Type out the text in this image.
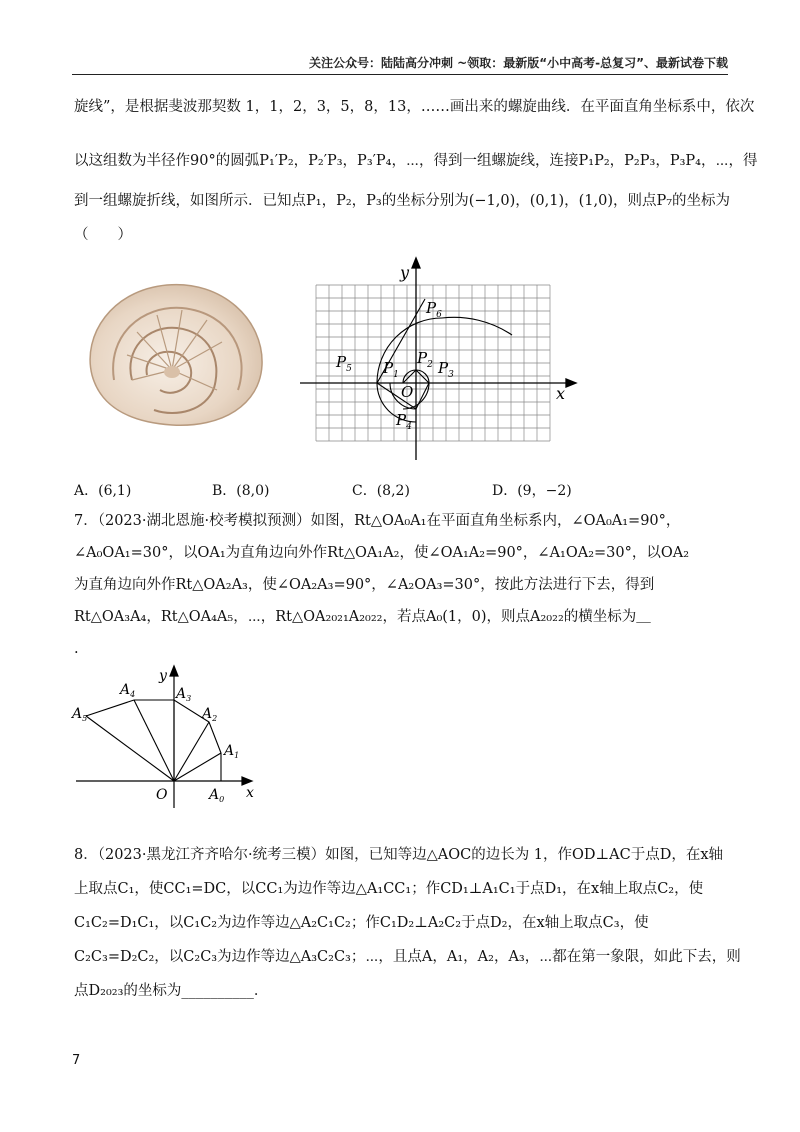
关注公众号：陆陆高分冲刺 ~领取：最新版“小中高考-总复习”、最新试卷下载
旋线”，是根据斐波那契数 1，1，2，3，5，8，13，……画出来的螺旋曲线．在平面直角坐标系中，依次
以这组数为半径作90°的圆弧P₁′P₂，P₂′P₃，P₃′P₄，⋯，得到一组螺旋线，连接P₁P₂，P₂P₃，P₃P₄，⋯，得
到一组螺旋折线，如图所示．已知点P₁，P₂，P₃的坐标分别为(−1,0)，(0,1)，(1,0)，则点P₇的坐标为
（　　）
y
x
O
$P_1$
$P_2$ $P_3$
$P_4$
$P_5$
$P_6$
A．(6,1)	B．(8,0)	C．(8,2)	D．(9，−2)
7．（2023·湖北恩施·校考模拟预测）如图，Rt△OA₀A₁在平面直角坐标系内，∠OA₀A₁=90°，
∠A₀OA₁=30°，以OA₁为直角边向外作Rt△OA₁A₂，使∠OA₁A₂=90°，∠A₁OA₂=30°，以OA₂
为直角边向外作Rt△OA₂A₃，使∠OA₂A₃=90°，∠A₂OA₃=30°，按此方法进行下去，得到
Rt△OA₃A₄，Rt△OA₄A₅，⋯，Rt△OA₂₀₂₁A₂₀₂₂，若点A₀(1，0)，则点A₂₀₂₂的横坐标为＿
.
y
x
O	$A_0$
$A_1$
$A_2$
$A_3$
$A_4$
$A_5$
8．（2023·黑龙江齐齐哈尔·统考三模）如图，已知等边△AOC的边长为 1，作OD⊥AC于点D，在x轴
上取点C₁，使CC₁=DC，以CC₁为边作等边△A₁CC₁；作CD₁⊥A₁C₁于点D₁，在x轴上取点C₂，使
C₁C₂=D₁C₁，以C₁C₂为边作等边△A₂C₁C₂；作C₁D₂⊥A₂C₂于点D₂，在x轴上取点C₃，使
C₂C₃=D₂C₂，以C₂C₃为边作等边△A₃C₂C₃；⋯，且点A，A₁，A₂，A₃，⋯都在第一象限，如此下去，则
点D₂₀₂₃的坐标为__________．
7
